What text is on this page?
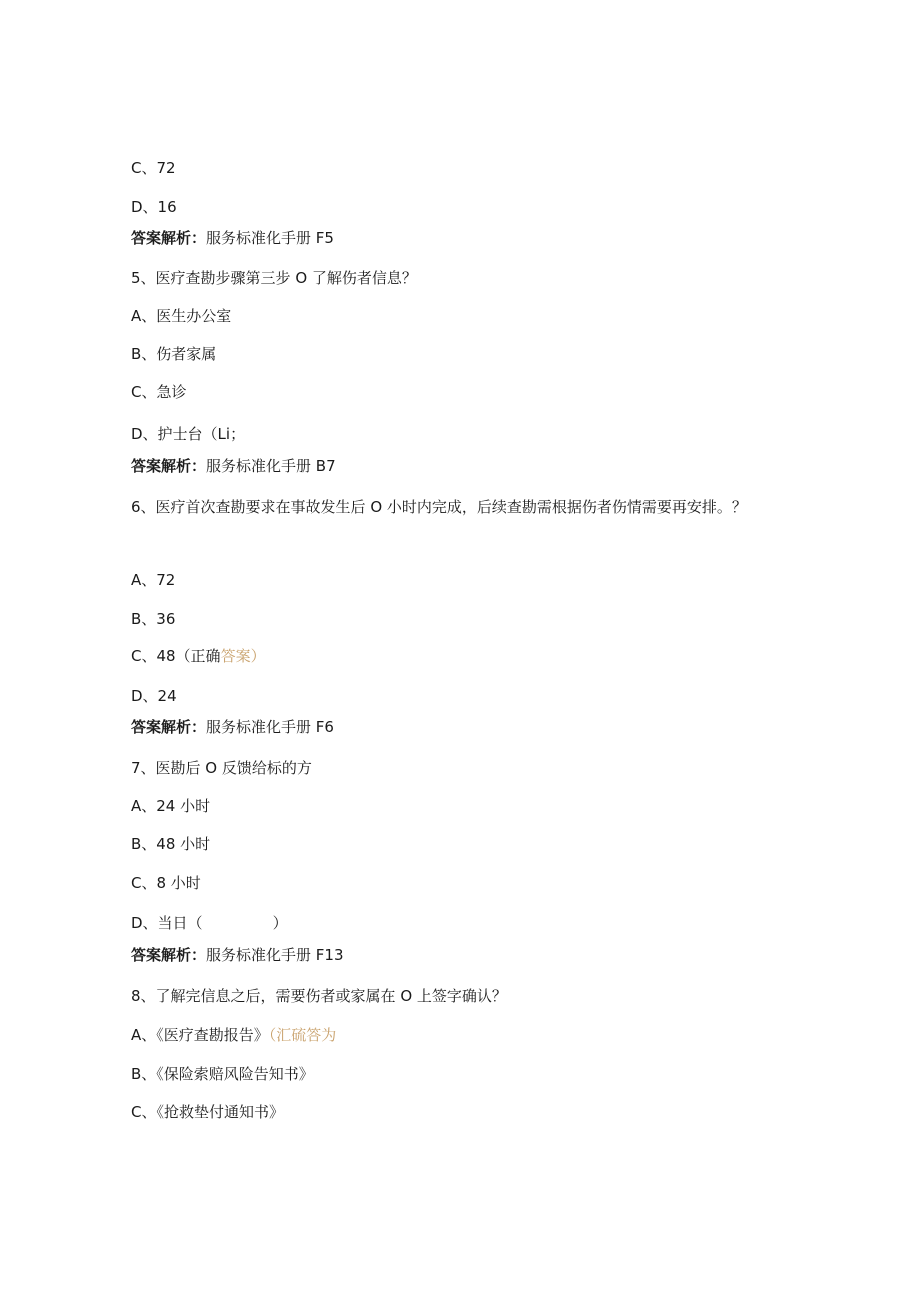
C、72
D、16
答案解析：服务标准化手册 F5
5、医疗查勘步骤第三步 O 了解伤者信息？
A、医生办公室
B、伤者家属
C、急诊
D、护士台（Li；
答案解析：服务标准化手册 B7
6、医疗首次查勘要求在事故发生后 O 小时内完成，后续查勘需根据伤者伤情需要再安排。？
A、72
B、36
C、48（正确答案）
D、24
答案解析：服务标准化手册 F6
7、医勘后 O 反馈给标的方
A、24 小时
B、48 小时
C、8 小时
D、当日（	）
答案解析：服务标准化手册 F13
8、了解完信息之后，需要伤者或家属在 O 上签字确认？
A、《医疗查勘报告》（汇硫答为
B、《保险索赔风险告知书》
C、《抢救垫付通知书》
